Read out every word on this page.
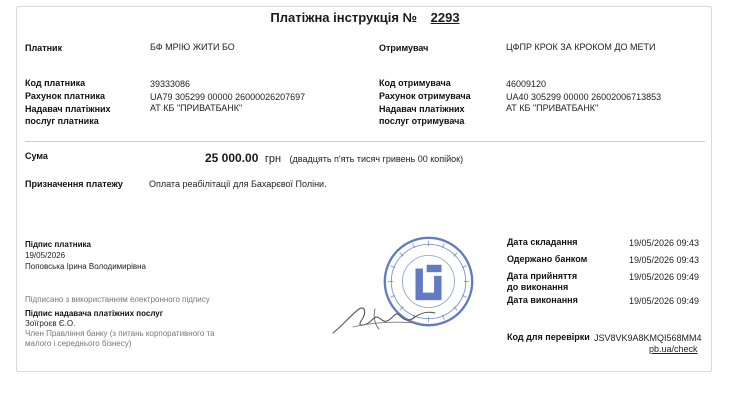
Платіжна інструкція № 2293
Платник	БФ МРІЮ ЖИТИ БО
Код платника	39333086
Рахунок платника	UA79 305299 00000 26000026207697
Надавач платіжних
послуг платника
АТ КБ "ПРИВАТБАНК"
Отримувач	ЦФПР КРОК ЗА КРОКОМ ДО МЕТИ
Код отримувача	46009120
Рахунок отримувача	UA40 305299 00000 26002006713853
Надавач платіжних
послуг отримувача
АТ КБ "ПРИВАТБАНК"
Сума	25 000.00 грн (двадцять п'ять тисяч гривень 00 копійок)
Призначення платежу	Оплата реабілітації для Бахарєвої Поліни.
Підпис платника
19/05/2026
Поповська Ірина Володимирівна
Підписано з використанням електронного підпису
Підпис надавача платіжних послуг
Зоїгроєв Є.О.
Член Правління банку (з питань корпоративного та
малого і середнього бізнесу)
Дата складання	19/05/2026 09:43
Одержано банком	19/05/2026 09:43
Дата прийняття
до виконання
19/05/2026 09:49
Дата виконання	19/05/2026 09:49
Код для перевірки JSV8VK9A8KMQI568MM4
pb.ua/check
